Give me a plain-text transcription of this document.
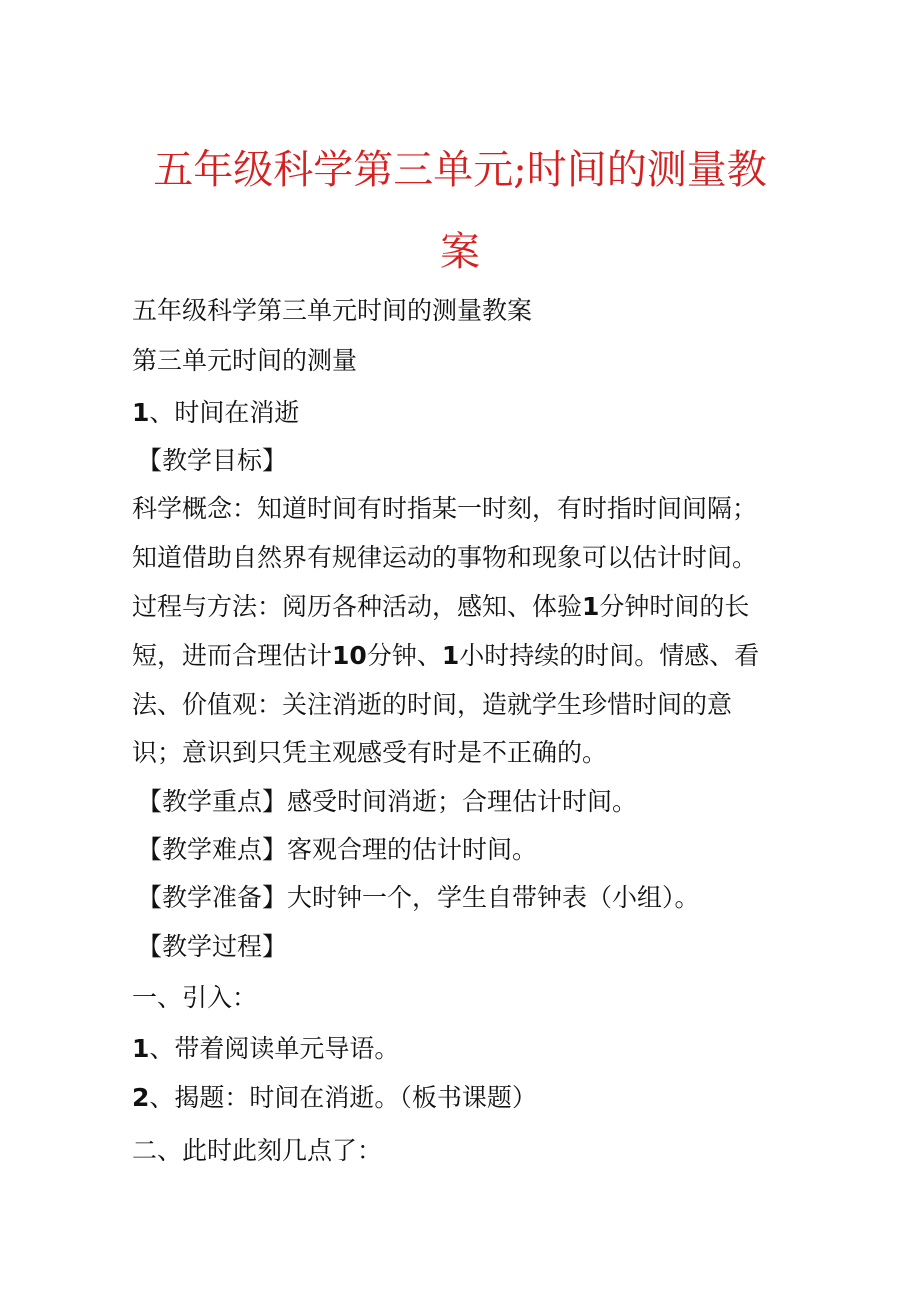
五年级科学第三单元;时间的测量教
案
五年级科学第三单元时间的测量教案
第三单元时间的测量
1、时间在消逝
【教学目标】
科学概念：知道时间有时指某一时刻，有时指时间间隔；
知道借助自然界有规律运动的事物和现象可以估计时间。
过程与方法：阅历各种活动，感知、体验1分钟时间的长
短，进而合理估计10分钟、1小时持续的时间。情感、看
法、价值观：关注消逝的时间，造就学生珍惜时间的意
识；意识到只凭主观感受有时是不正确的。
【教学重点】感受时间消逝；合理估计时间。
【教学难点】客观合理的估计时间。
【教学准备】大时钟一个，学生自带钟表（小组）。
【教学过程】
一、引入：
1、带着阅读单元导语。
2、揭题：时间在消逝。（板书课题）
二、此时此刻几点了：
